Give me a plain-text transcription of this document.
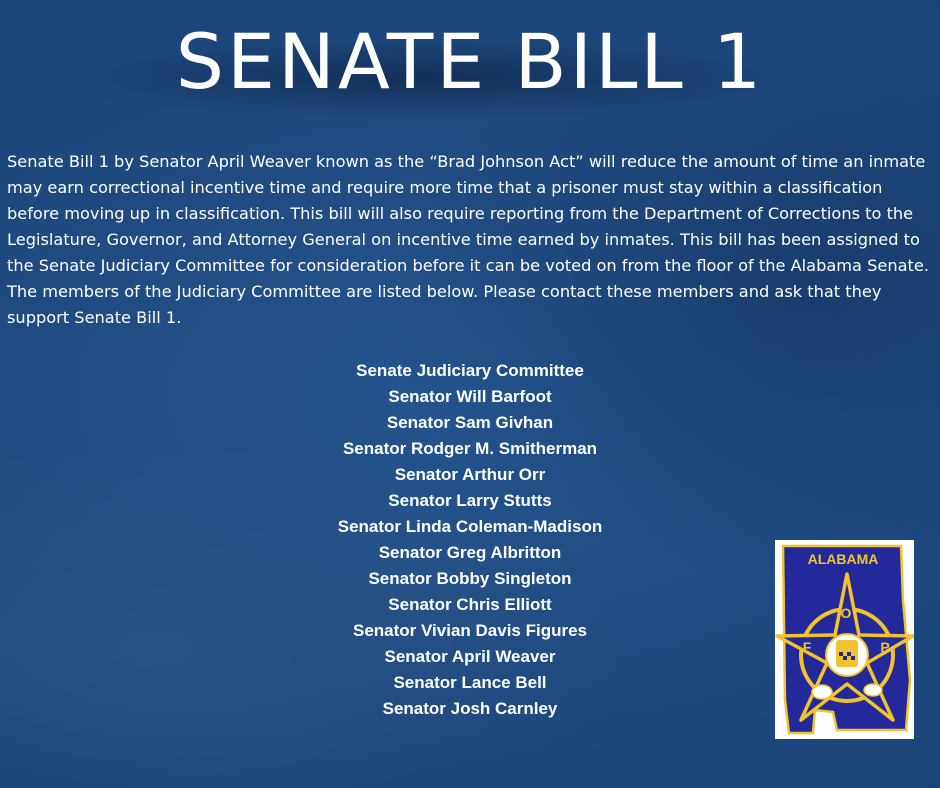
SENATE BILL 1

Senate Bill 1 by Senator April Weaver known as the “Brad Johnson Act” will reduce the amount of time an inmate may earn correctional incentive time and require more time that a prisoner must stay within a classification before moving up in classification. This bill will also require reporting from the Department of Corrections to the Legislature, Governor, and Attorney General on incentive time earned by inmates. This bill has been assigned to the Senate Judiciary Committee for consideration before it can be voted on from the floor of the Alabama Senate. The members of the Judiciary Committee are listed below. Please contact these members and ask that they support Senate Bill 1.

Senate Judiciary Committee
Senator Will Barfoot
Senator Sam Givhan
Senator Rodger M. Smitherman
Senator Arthur Orr
Senator Larry Stutts
Senator Linda Coleman-Madison
Senator Greg Albritton
Senator Bobby Singleton
Senator Chris Elliott
Senator Vivian Davis Figures
Senator April Weaver
Senator Lance Bell
Senator Josh Carnley
ALABAMA
F
O
P
